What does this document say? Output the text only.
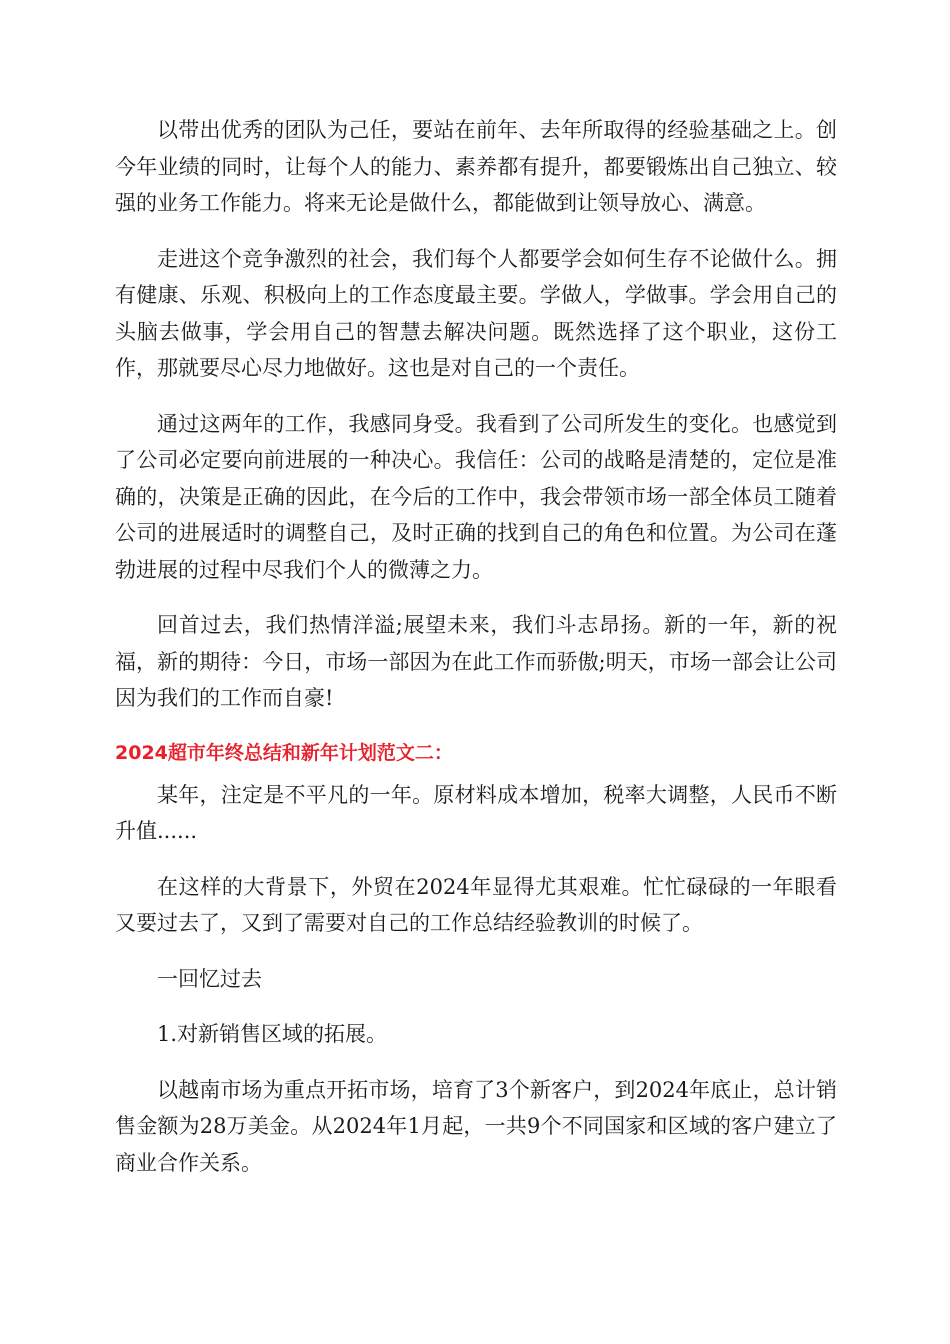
以带出优秀的团队为己任，要站在前年、去年所取得的经验基础之上。创今年业绩的同时，让每个人的能力、素养都有提升，都要锻炼出自己独立、较强的业务工作能力。将来无论是做什么，都能做到让领导放心、满意。

走进这个竞争激烈的社会，我们每个人都要学会如何生存不论做什么。拥有健康、乐观、积极向上的工作态度最主要。学做人，学做事。学会用自己的头脑去做事，学会用自己的智慧去解决问题。既然选择了这个职业，这份工作，那就要尽心尽力地做好。这也是对自己的一个责任。

通过这两年的工作，我感同身受。我看到了公司所发生的变化。也感觉到了公司必定要向前进展的一种决心。我信任：公司的战略是清楚的，定位是准确的，决策是正确的因此，在今后的工作中，我会带领市场一部全体员工随着公司的进展适时的调整自己，及时正确的找到自己的角色和位置。为公司在蓬勃进展的过程中尽我们个人的微薄之力。

回首过去，我们热情洋溢;展望未来，我们斗志昂扬。新的一年，新的祝福，新的期待：今日，市场一部因为在此工作而骄傲;明天，市场一部会让公司因为我们的工作而自豪!

2024超市年终总结和新年计划范文二：

某年，注定是不平凡的一年。原材料成本增加，税率大调整，人民币不断升值......

在这样的大背景下，外贸在2024年显得尤其艰难。忙忙碌碌的一年眼看又要过去了，又到了需要对自己的工作总结经验教训的时候了。

一回忆过去

1.对新销售区域的拓展。

以越南市场为重点开拓市场，培育了3个新客户，到2024年底止，总计销售金额为28万美金。从2024年1月起，一共9个不同国家和区域的客户建立了商业合作关系。
